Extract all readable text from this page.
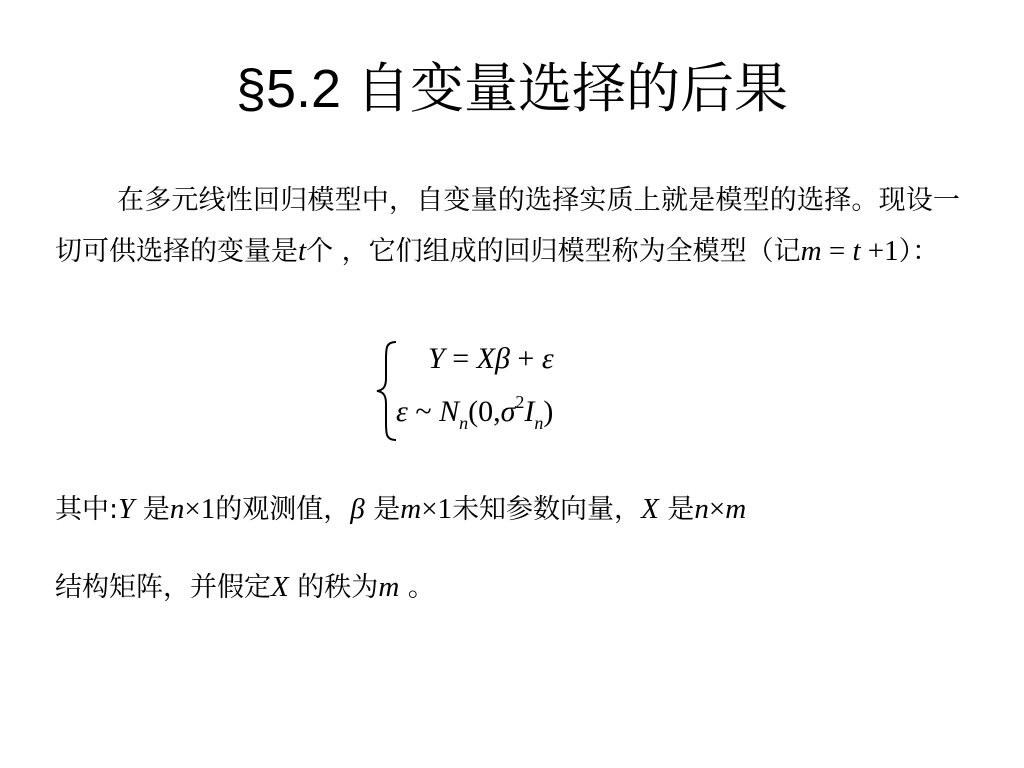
§5.2 自变量选择的后果
在多元线性回归模型中，自变量的选择实质上就是模型的选择。现设一切可供选择的变量是t个 ，它们组成的回归模型称为全模型（记m = t +1）：
Y = Xβ + ε
ε ~ $N_n(0,\sigma^2I_n)$
其中:Y 是n×1的观测值，β 是m×1未知参数向量，X 是n×m
结构矩阵，并假定X 的秩为m 。
